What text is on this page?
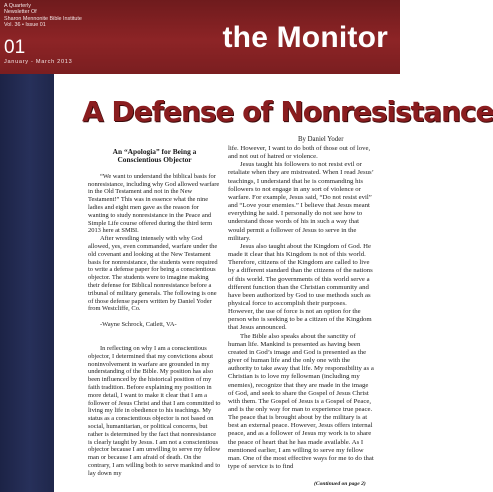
A Quarterly
Newsletter Of
Sharon Mennonite Bible Institute
Vol. 36 • Issue 01
01
January - March 2013
the Monitor
A Defense of Nonresistance
By Daniel Yoder
An “Apologia” for Being a
Conscientious Objector

“We want to understand the biblical basis for nonresistance, including why God allowed warfare in the Old Testament and not in the New Testament!” This was in essence what the nine ladies and eight men gave as the reason for wanting to study nonresistance in the Peace and Simple Life course offered during the third term 2013 here at SMBI.

After wrestling intensely with why God allowed, yes, even commanded, warfare under the old covenant and looking at the New Testament basis for nonresistance, the students were required to write a defense paper for being a conscientious objector. The students were to imagine making their defense for Biblical nonresistance before a tribunal of military generals. The following is one of those defense papers written by Daniel Yoder from Westcliffe, Co.

-Wayne Schrock, Catlett, VA-

In reflecting on why I am a conscientious objector, I determined that my convictions about noninvolvement in warfare are grounded in my understanding of the Bible. My position has also been influenced by the historical position of my faith tradition. Before explaining my position in more detail, I want to make it clear that I am a follower of Jesus Christ and that I am committed to living my life in obedience to his teachings. My status as a conscientious objector is not based on social, humanitarian, or political concerns, but rather is determined by the fact that nonresistance is clearly taught by Jesus. I am not a conscientious objector because I am unwilling to serve my fellow man or because I am afraid of death. On the contrary, I am willing both to serve mankind and to lay down my

life. However, I want to do both of those out of love, and not out of hatred or violence.

Jesus taught his followers to not resist evil or retaliate when they are mistreated. When I read Jesus’ teachings, I understand that he is commanding his followers to not engage in any sort of violence or warfare. For example, Jesus said, “Do not resist evil” and “Love your enemies.” I believe that Jesus meant everything he said. I personally do not see how to understand those words of his in such a way that would permit a follower of Jesus to serve in the military.

Jesus also taught about the Kingdom of God. He made it clear that his Kingdom is not of this world. Therefore, citizens of the Kingdom are called to live by a different standard than the citizens of the nations of this world. The governments of this world serve a different function than the Christian community and have been authorized by God to use methods such as physical force to accomplish their purposes. However, the use of force is not an option for the person who is seeking to be a citizen of the Kingdom that Jesus announced.

The Bible also speaks about the sanctity of human life. Mankind is presented as having been created in God’s image and God is presented as the giver of human life and the only one with the authority to take away that life. My responsibility as a Christian is to love my fellowman (including my enemies), recognize that they are made in the image of God, and seek to share the Gospel of Jesus Christ with them. The Gospel of Jesus is a Gospel of Peace, and is the only way for man to experience true peace. The peace that is brought about by the military is at best an external peace. However, Jesus offers internal peace, and as a follower of Jesus my work is to share the peace of heart that he has made available. As I mentioned earlier, I am willing to serve my fellow man. One of the most effective ways for me to do that type of service is to find

(Continued on page 2)
